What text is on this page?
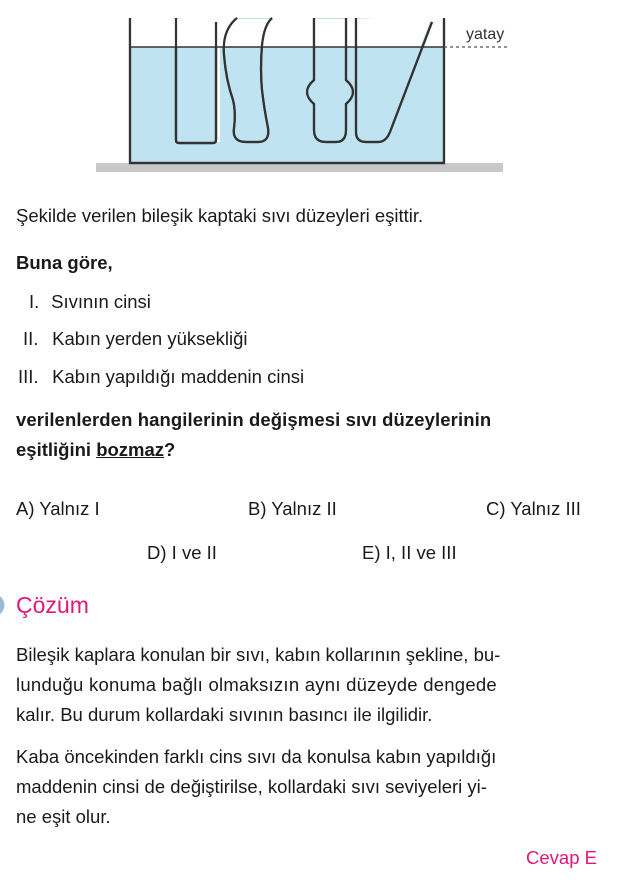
yatay
Şekilde verilen bileşik kaptaki sıvı düzeyleri eşittir.
Buna göre,
I. Sıvının cinsi
II. Kabın yerden yüksekliği
III. Kabın yapıldığı maddenin cinsi
verilenlerden hangilerinin değişmesi sıvı düzeylerinin
eşitliğini bozmaz?
A) Yalnız I	B) Yalnız II	C) Yalnız III
D) I ve II	E) I, II ve III
Çözüm
Bileşik kaplara konulan bir sıvı, kabın kollarının şekline, bu-
lunduğu konuma bağlı olmaksızın aynı düzeyde dengede
kalır. Bu durum kollardaki sıvının basıncı ile ilgilidir.
Kaba öncekinden farklı cins sıvı da konulsa kabın yapıldığı
maddenin cinsi de değiştirilse, kollardaki sıvı seviyeleri yi-
ne eşit olur.
Cevap E
